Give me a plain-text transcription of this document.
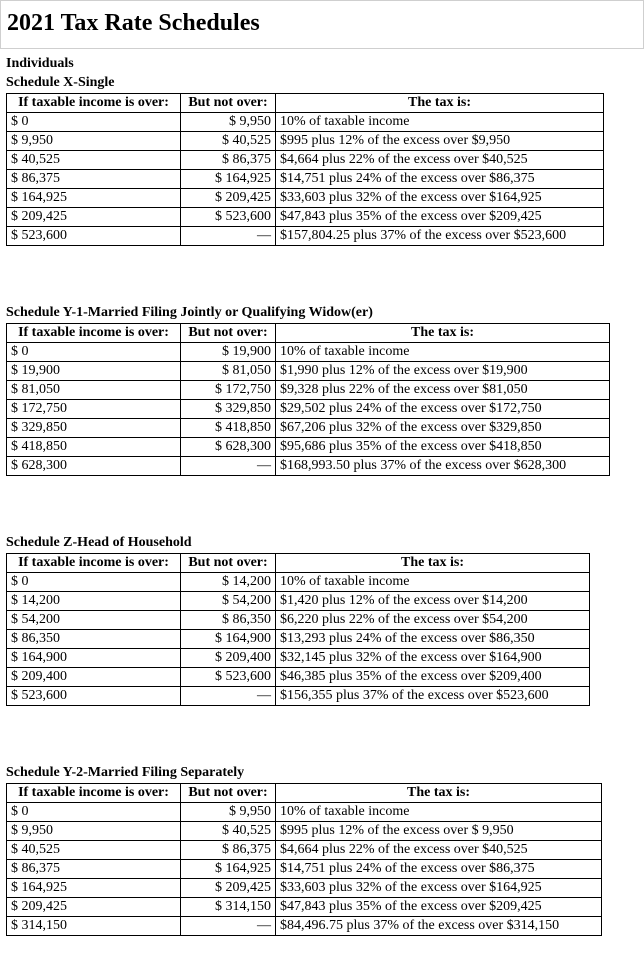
2021 Tax Rate Schedules
Individuals
Schedule X-Single
If taxable income is over:	But not over:	The tax is:
$ 0	$ 9,950	10% of taxable income
$ 9,950	$ 40,525	$995 plus 12% of the excess over $9,950
$ 40,525	$ 86,375	$4,664 plus 22% of the excess over $40,525
$ 86,375	$ 164,925	$14,751 plus 24% of the excess over $86,375
$ 164,925	$ 209,425	$33,603 plus 32% of the excess over $164,925
$ 209,425	$ 523,600	$47,843 plus 35% of the excess over $209,425
$ 523,600	—	$157,804.25 plus 37% of the excess over $523,600
Schedule Y-1-Married Filing Jointly or Qualifying Widow(er)
If taxable income is over:	But not over:	The tax is:
$ 0	$ 19,900	10% of taxable income
$ 19,900	$ 81,050	$1,990 plus 12% of the excess over $19,900
$ 81,050	$ 172,750	$9,328 plus 22% of the excess over $81,050
$ 172,750	$ 329,850	$29,502 plus 24% of the excess over $172,750
$ 329,850	$ 418,850	$67,206 plus 32% of the excess over $329,850
$ 418,850	$ 628,300	$95,686 plus 35% of the excess over $418,850
$ 628,300	—	$168,993.50 plus 37% of the excess over $628,300
Schedule Z-Head of Household
If taxable income is over:	But not over:	The tax is:
$ 0	$ 14,200	10% of taxable income
$ 14,200	$ 54,200	$1,420 plus 12% of the excess over $14,200
$ 54,200	$ 86,350	$6,220 plus 22% of the excess over $54,200
$ 86,350	$ 164,900	$13,293 plus 24% of the excess over $86,350
$ 164,900	$ 209,400	$32,145 plus 32% of the excess over $164,900
$ 209,400	$ 523,600	$46,385 plus 35% of the excess over $209,400
$ 523,600	—	$156,355 plus 37% of the excess over $523,600
Schedule Y-2-Married Filing Separately
If taxable income is over:	But not over:	The tax is:
$ 0	$ 9,950	10% of taxable income
$ 9,950	$ 40,525	$995 plus 12% of the excess over $ 9,950
$ 40,525	$ 86,375	$4,664 plus 22% of the excess over $40,525
$ 86,375	$ 164,925	$14,751 plus 24% of the excess over $86,375
$ 164,925	$ 209,425	$33,603 plus 32% of the excess over $164,925
$ 209,425	$ 314,150	$47,843 plus 35% of the excess over $209,425
$ 314,150	—	$84,496.75 plus 37% of the excess over $314,150
